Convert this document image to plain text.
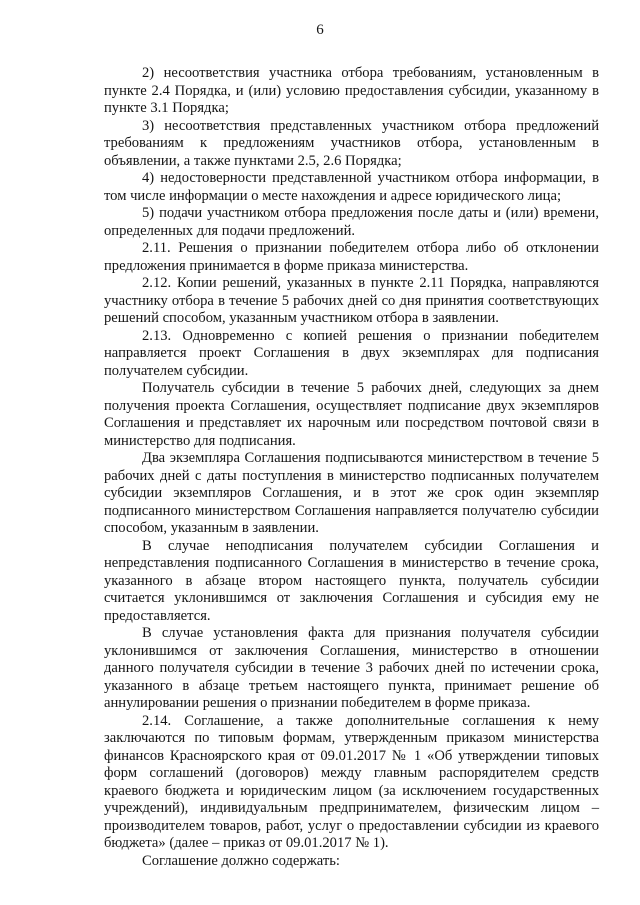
6

2) несоответствия участника отбора требованиям, установленным в пункте 2.4 Порядка, и (или) условию предоставления субсидии, указанному в пункте 3.1 Порядка;

3) несоответствия представленных участником отбора предложений требованиям к предложениям участников отбора, установленным в объявлении, а также пунктами 2.5, 2.6 Порядка;

4) недостоверности представленной участником отбора информации, в том числе информации о месте нахождения и адресе юридического лица;

5) подачи участником отбора предложения после даты и (или) времени, определенных для подачи предложений.

2.11. Решения о признании победителем отбора либо об отклонении предложения принимается в форме приказа министерства.

2.12. Копии решений, указанных в пункте 2.11 Порядка, направляются участнику отбора в течение 5 рабочих дней со дня принятия соответствующих решений способом, указанным участником отбора в заявлении.

2.13. Одновременно с копией решения о признании победителем направляется проект Соглашения в двух экземплярах для подписания получателем субсидии.

Получатель субсидии в течение 5 рабочих дней, следующих за днем получения проекта Соглашения, осуществляет подписание двух экземпляров Соглашения и представляет их нарочным или посредством почтовой связи в министерство для подписания.

Два экземпляра Соглашения подписываются министерством в течение 5 рабочих дней с даты поступления в министерство подписанных получателем субсидии экземпляров Соглашения, и в этот же срок один экземпляр подписанного министерством Соглашения направляется получателю субсидии способом, указанным в заявлении.

В случае неподписания получателем субсидии Соглашения и непредставления подписанного Соглашения в министерство в течение срока, указанного в абзаце втором настоящего пункта, получатель субсидии считается уклонившимся от заключения Соглашения и субсидия ему не предоставляется.

В случае установления факта для признания получателя субсидии уклонившимся от заключения Соглашения, министерство в отношении данного получателя субсидии в течение 3 рабочих дней по истечении срока, указанного в абзаце третьем настоящего пункта, принимает решение об аннулировании решения о признании победителем в форме приказа.

2.14. Соглашение, а также дополнительные соглашения к нему заключаются по типовым формам, утвержденным приказом министерства финансов Красноярского края от 09.01.2017 № 1 «Об утверждении типовых форм соглашений (договоров) между главным распорядителем средств краевого бюджета и юридическим лицом (за исключением государственных учреждений), индивидуальным предпринимателем, физическим лицом – производителем товаров, работ, услуг о предоставлении субсидии из краевого бюджета» (далее – приказ от 09.01.2017 № 1).

Соглашение должно содержать:
